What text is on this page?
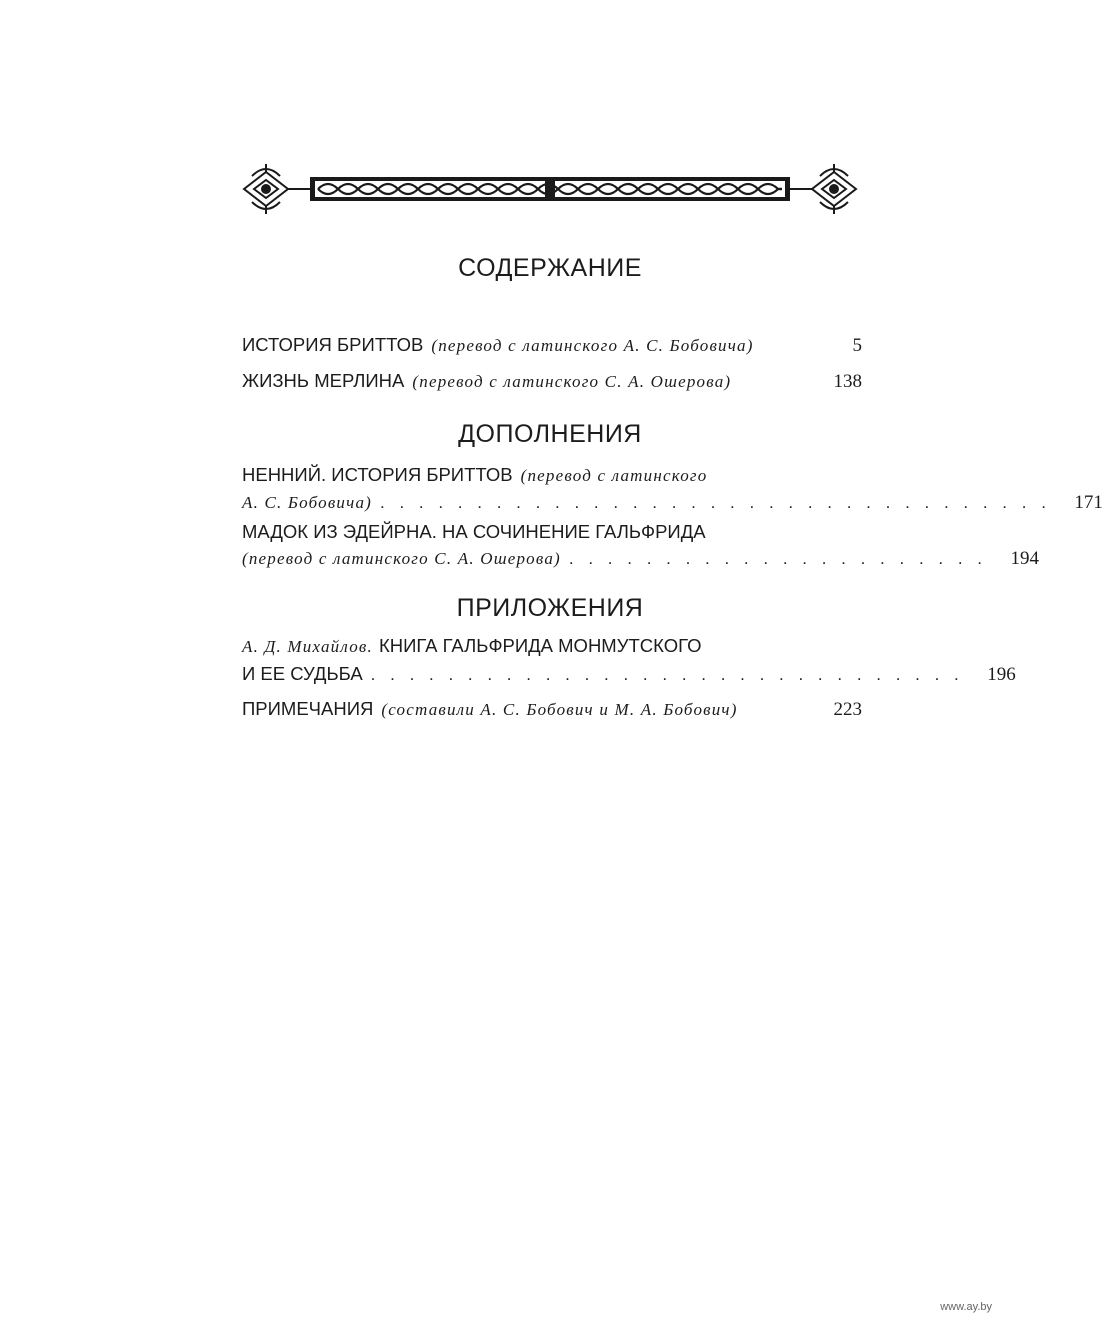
СОДЕРЖАНИЕ
ИСТОРИЯ БРИТТОВ (перевод с латинского А. С. Бобовича)	5
ЖИЗНЬ МЕРЛИНА (перевод с латинского С. А. Ошерова)	138
ДОПОЛНЕНИЯ
НЕННИЙ. ИСТОРИЯ БРИТТОВ (перевод с латинского
А. С. Бобовича) . . . . . . . . . . . . . . . . . . . . . . . . . . . . . . . . . . .	171
МАДОК ИЗ ЭДЕЙРНА. НА СОЧИНЕНИЕ ГАЛЬФРИДА
(перевод с латинского С. А. Ошерова) . . . . . . . . . . . . . . . . . . . . . .	194
ПРИЛОЖЕНИЯ
А. Д. Михайлов. КНИГА ГАЛЬФРИДА МОНМУТСКОГО
И ЕЕ СУДЬБА . . . . . . . . . . . . . . . . . . . . . . . . . . . . . . .	196
ПРИМЕЧАНИЯ (составили А. С. Бобович и М. А. Бобович)	223
www.ay.by
